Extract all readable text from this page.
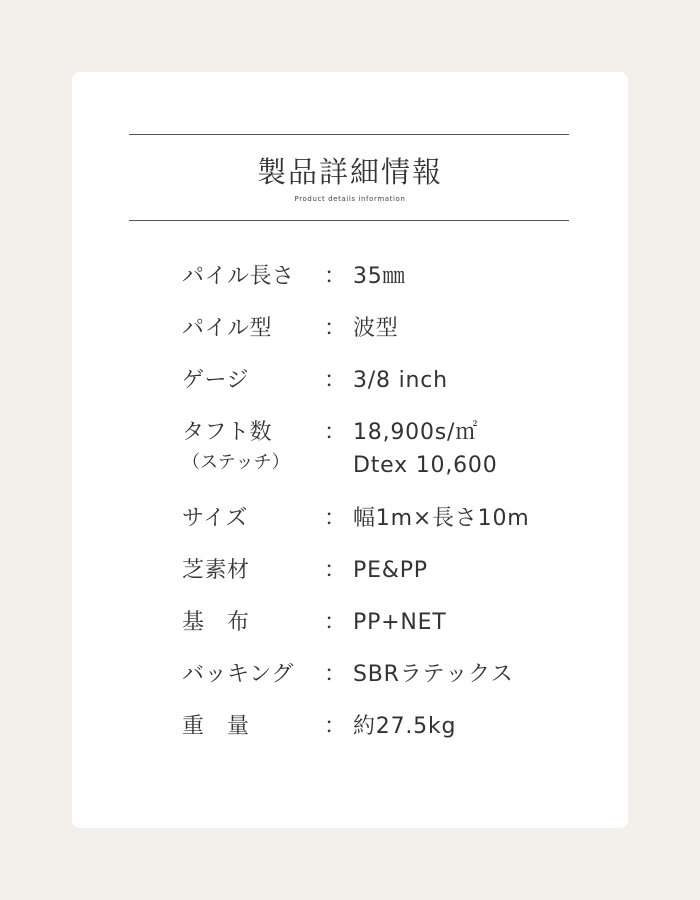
製品詳細情報
Product details information
パイル長さ ： 35㎜
パイル型 ： 波型
ゲージ	： 3/8 inch
タフト数
（ステッチ）
： 18,900s/㎡
Dtex 10,600
サイズ	： 幅1m×長さ10m
芝素材	： PE&PP
基　布	： PP+NET
バッキング ： SBRラテックス
重　量	： 約27.5kg
